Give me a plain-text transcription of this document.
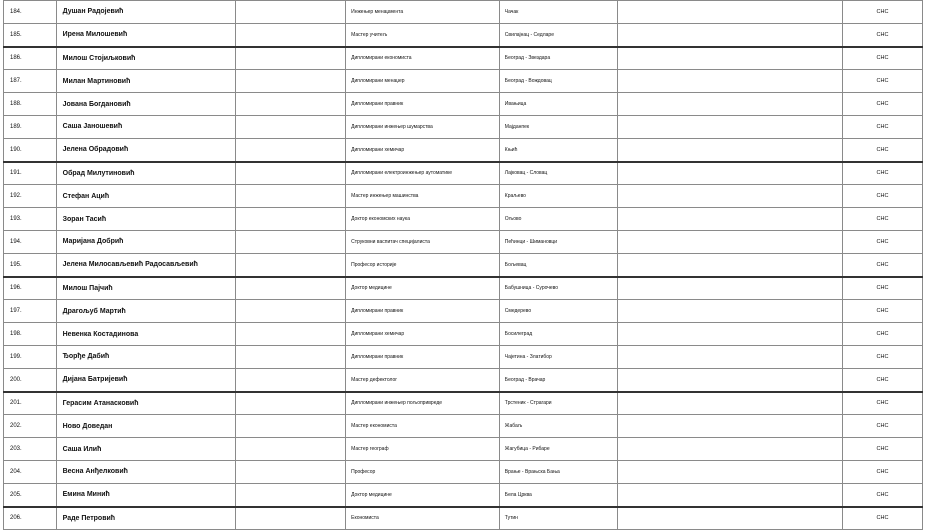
184.	Душан Радојевић		Инжењер менаџмента	Чачак		СНС
185.	Ирена Милошевић		Мастер учитељ	Свилајнац - Седларе		СНС
186.	Милош Стојиљковић		Дипломирани економиста	Београд - Звездара		СНС
187.	Милан Мартиновић		Дипломирани менаџер	Београд - Вождовац		СНС
188.	Јована Богдановић		Дипломирани правник	Ивањица		СНС
189.	Саша Јаношевић		Дипломирани инжењер шумарства	Мајданпек		СНС
190.	Јелена Обрадовић		Дипломирани хемичар	Књић		СНС
191.	Обрад Милутиновић		Дипломирани електроинжењер аутоматике	Лајковац - Словац		СНС
192.	Стефан Ацић		Мастер инжењер машинства	Краљево		СНС
193.	Зоран Тасић		Доктор економских наука	Ољово		СНС
194.	Маријана Добрић		Струковни васпитач специјалиста	Пећинци - Шимановци		СНС
195.	Јелена Милосављевић Радосављевић		Професор историје	Бољевац		СНС
196.	Милош Пајчић		Доктор медицине	Бабушница - Сурочево		СНС
197.	Драгољуб Мартић		Дипломирани правник	Смедерево		СНС
198.	Невенка Костадинова		Дипломирани хемичар	Босилеград		СНС
199.	Ђорђе Дабић		Дипломирани правник	Чајетина - Златибор		СНС
200.	Дијана Батријевић		Мастер дефектолог	Београд - Врачар		СНС
201.	Герасим Атанасковић		Дипломирани инжењер пољопривреде	Трстеник - Страгари		СНС
202.	Ново Доведан		Мастер економиста	Жабаљ		СНС
203.	Саша Илић		Мастер географ	Жагубица - Рибаре		СНС
204.	Весна Анђелковић		Професор	Врање - Врањска Бања		СНС
205.	Емина Минић		Доктор медицине	Бела Црква		СНС
206.	Раде Петровић		Економиста	Тутин		СНС
